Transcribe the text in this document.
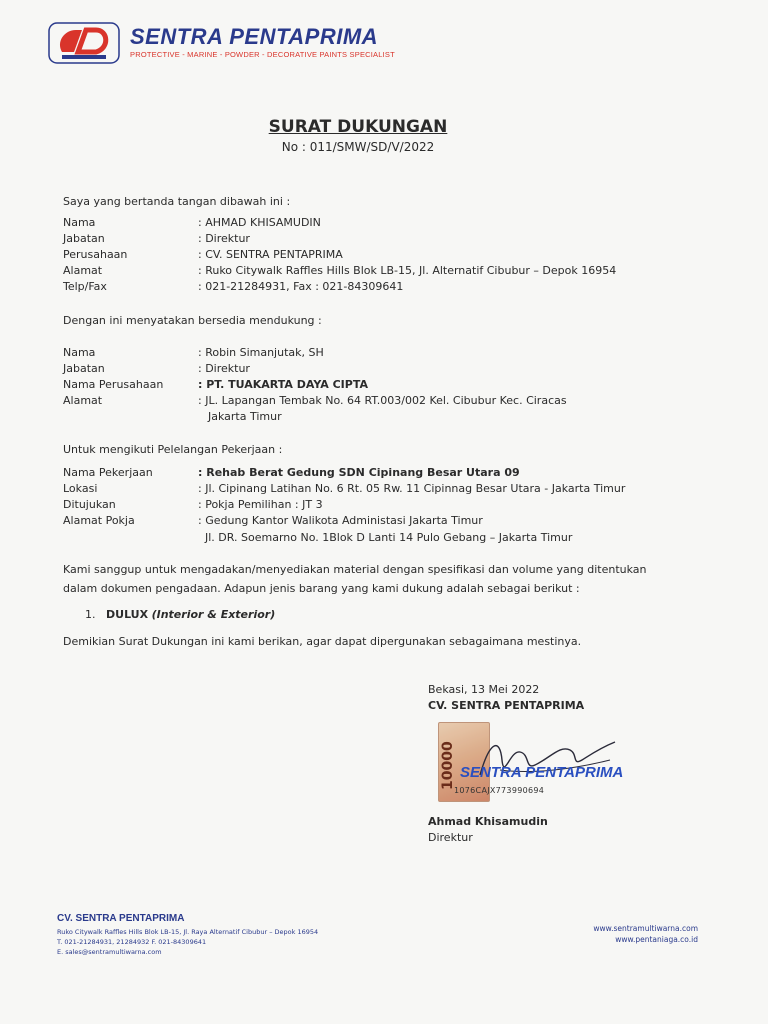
SENTRA PENTAPRIMA
PROTECTIVE - MARINE - POWDER - DECORATIVE PAINTS SPECIALIST
SURAT DUKUNGAN
No : 011/SMW/SD/V/2022
Saya yang bertanda tangan dibawah ini :
Nama	: AHMAD KHISAMUDIN
Jabatan	: Direktur
Perusahaan	: CV. SENTRA PENTAPRIMA
Alamat	: Ruko Citywalk Raffles Hills Blok LB-15, Jl. Alternatif Cibubur – Depok 16954
Telp/Fax	: 021-21284931, Fax : 021-84309641
Dengan ini menyatakan bersedia mendukung :
Nama	: Robin Simanjutak, SH
Jabatan	: Direktur
Nama Perusahaan	: PT. TUAKARTA DAYA CIPTA
Alamat	: JL. Lapangan Tembak No. 64 RT.003/002 Kel. Cibubur Kec. Ciracas
Jakarta Timur
Untuk mengikuti Pelelangan Pekerjaan :
Nama Pekerjaan	: Rehab Berat Gedung SDN Cipinang Besar Utara 09
Lokasi	: Jl. Cipinang Latihan No. 6 Rt. 05 Rw. 11 Cipinnag Besar Utara - Jakarta Timur
Ditujukan	: Pokja Pemilihan : JT 3
Alamat Pokja	: Gedung Kantor Walikota Administasi Jakarta Timur
Jl. DR. Soemarno No. 1Blok D Lanti 14 Pulo Gebang – Jakarta Timur
Kami sanggup untuk mengadakan/menyediakan material dengan spesifikasi dan volume yang ditentukan
dalam dokumen pengadaan. Adapun jenis barang yang kami dukung adalah sebagai berikut :
1. DULUX (Interior & Exterior)
Demikian Surat Dukungan ini kami berikan, agar dapat dipergunakan sebagaimana mestinya.
Bekasi, 13 Mei 2022
CV. SENTRA PENTAPRIMA
10000 SENTRA PENTAPRIMA
1076CAJX773990694
Ahmad Khisamudin
Direktur
CV. SENTRA PENTAPRIMA
Ruko Citywalk Raffles Hills Blok LB-15, Jl. Raya Alternatif Cibubur – Depok 16954
T. 021-21284931, 21284932 F. 021-84309641
E. sales@sentramultiwarna.com
www.sentramultiwarna.com
www.pentaniaga.co.id
